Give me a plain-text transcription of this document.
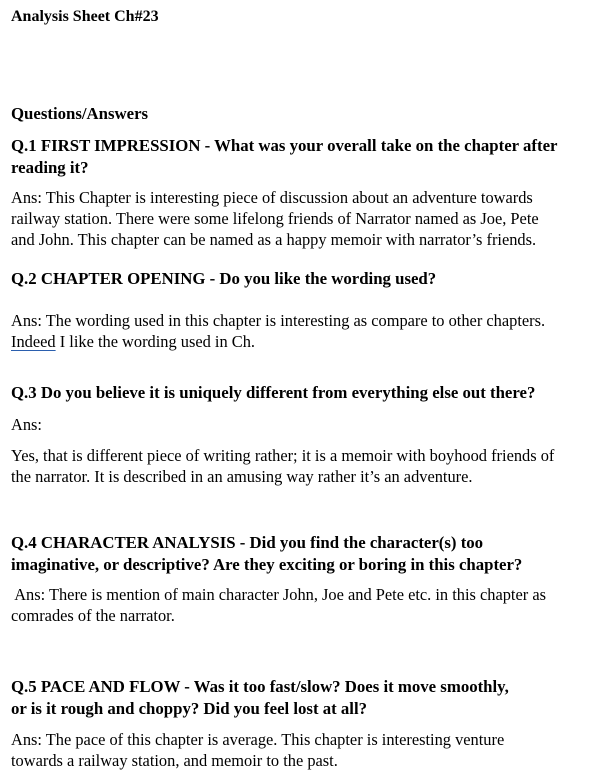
Analysis Sheet Ch#23
Questions/Answers
Q.1 FIRST IMPRESSION - What was your overall take on the chapter after
reading it?
Ans: This Chapter is interesting piece of discussion about an adventure towards
railway station. There were some lifelong friends of Narrator named as Joe, Pete
and John. This chapter can be named as a happy memoir with narrator’s friends.
Q.2 CHAPTER OPENING - Do you like the wording used?
Ans: The wording used in this chapter is interesting as compare to other chapters.
Indeed I like the wording used in Ch.
Q.3 Do you believe it is uniquely different from everything else out there?
Ans:
Yes, that is different piece of writing rather; it is a memoir with boyhood friends of
the narrator. It is described in an amusing way rather it’s an adventure.
Q.4 CHARACTER ANALYSIS - Did you find the character(s) too
imaginative, or descriptive? Are they exciting or boring in this chapter?
Ans: There is mention of main character John, Joe and Pete etc. in this chapter as
comrades of the narrator.
Q.5 PACE AND FLOW - Was it too fast/slow? Does it move smoothly,
or is it rough and choppy? Did you feel lost at all?
Ans: The pace of this chapter is average. This chapter is interesting venture
towards a railway station, and memoir to the past.
